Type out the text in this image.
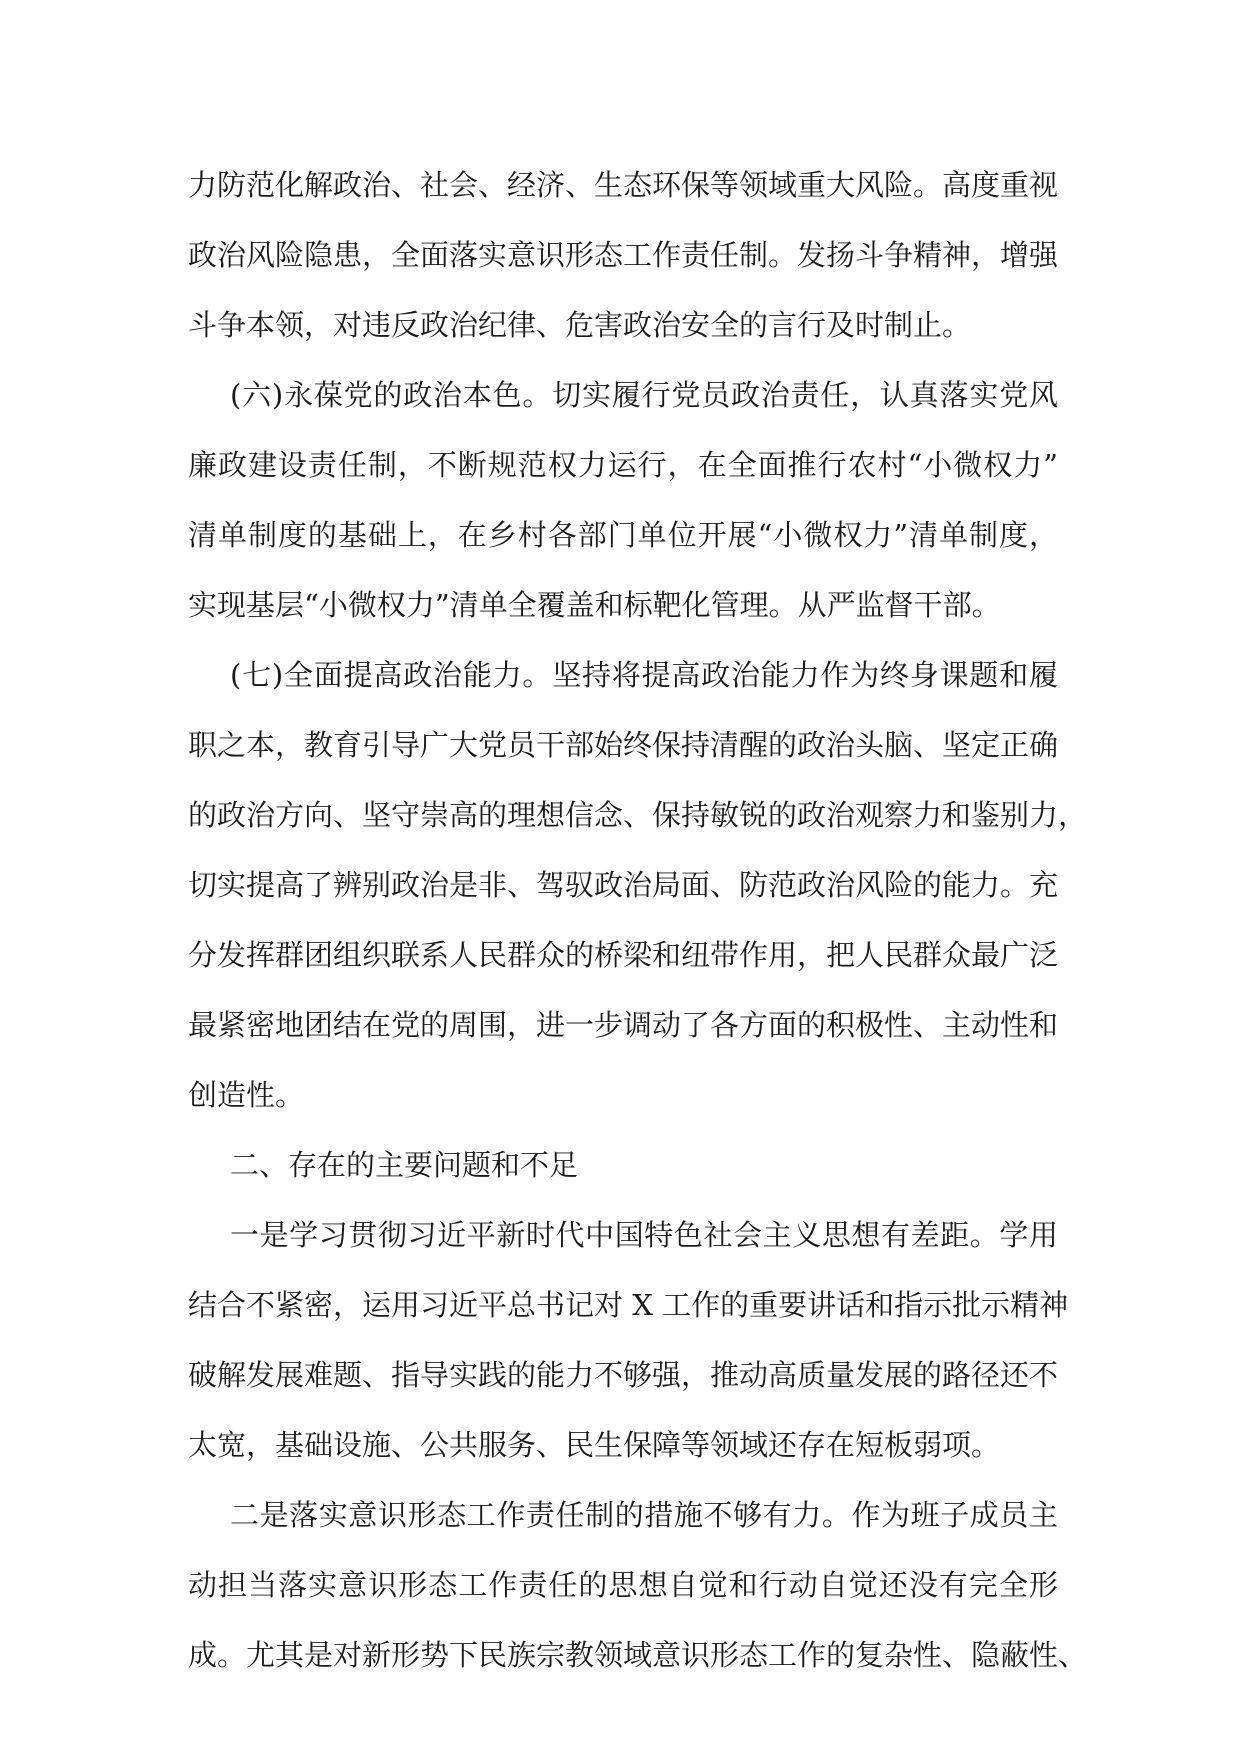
力防范化解政治、社会、经济、生态环保等领域重大风险。高度重视
政治风险隐患，全面落实意识形态工作责任制。发扬斗争精神，增强
斗争本领，对违反政治纪律、危害政治安全的言行及时制止。
(六)永葆党的政治本色。切实履行党员政治责任，认真落实党风
廉政建设责任制，不断规范权力运行，在全面推行农村“小微权力”
清单制度的基础上，在乡村各部门单位开展“小微权力”清单制度，
实现基层“小微权力”清单全覆盖和标靶化管理。从严监督干部。
(七)全面提高政治能力。坚持将提高政治能力作为终身课题和履
职之本，教育引导广大党员干部始终保持清醒的政治头脑、坚定正确
的政治方向、坚守崇高的理想信念、保持敏锐的政治观察力和鉴别力，
切实提高了辨别政治是非、驾驭政治局面、防范政治风险的能力。充
分发挥群团组织联系人民群众的桥梁和纽带作用，把人民群众最广泛
最紧密地团结在党的周围，进一步调动了各方面的积极性、主动性和
创造性。
二、存在的主要问题和不足
一是学习贯彻习近平新时代中国特色社会主义思想有差距。学用
结合不紧密，运用习近平总书记对 X 工作的重要讲话和指示批示精神
破解发展难题、指导实践的能力不够强，推动高质量发展的路径还不
太宽，基础设施、公共服务、民生保障等领域还存在短板弱项。
二是落实意识形态工作责任制的措施不够有力。作为班子成员主
动担当落实意识形态工作责任的思想自觉和行动自觉还没有完全形
成。尤其是对新形势下民族宗教领域意识形态工作的复杂性、隐蔽性、
